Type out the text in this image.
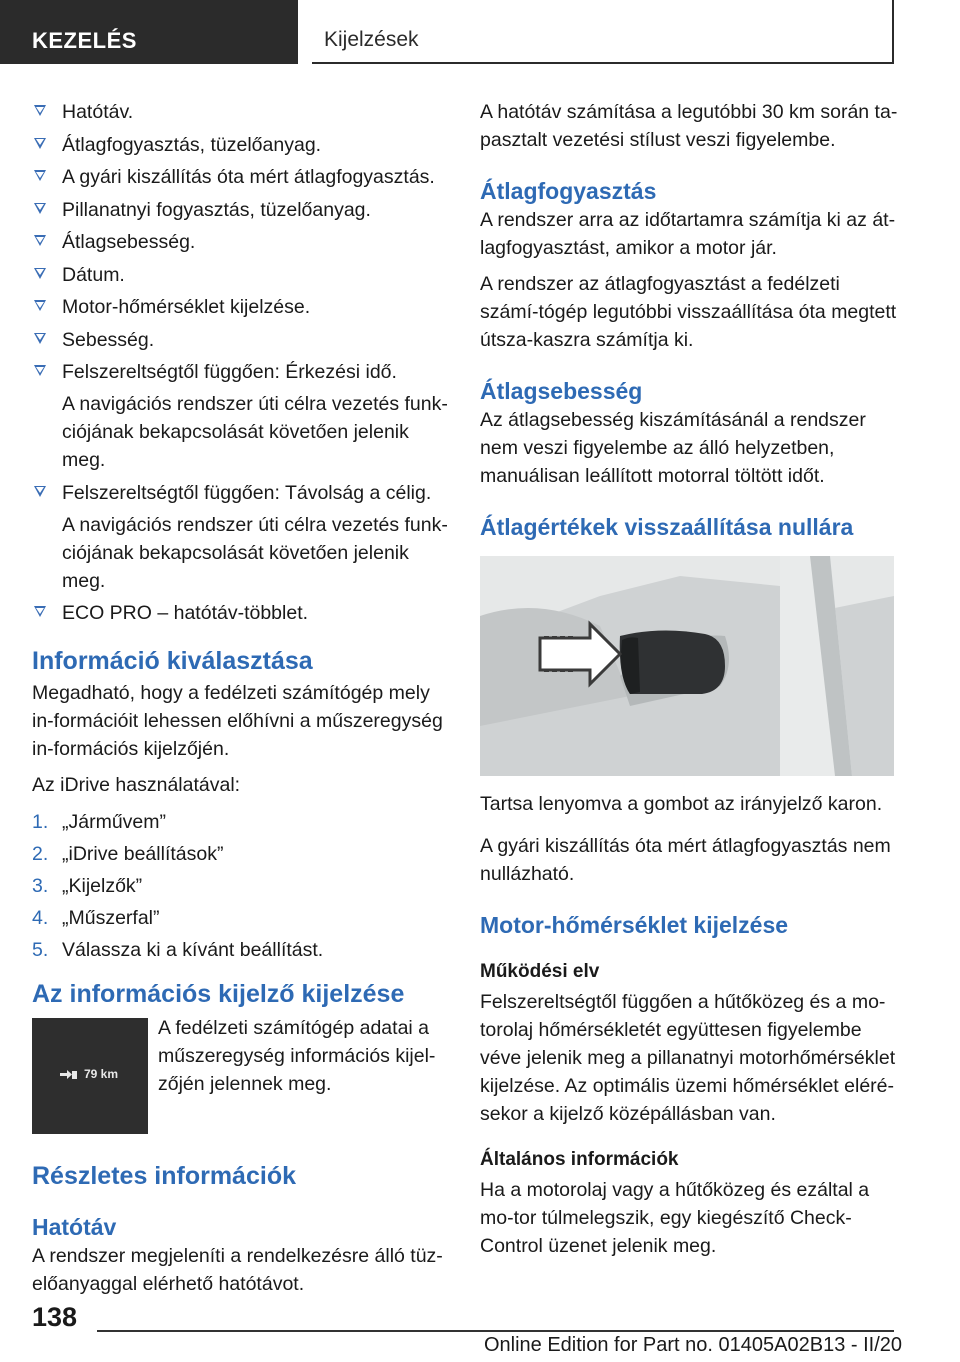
KEZELÉS	Kijelzések
Hatótáv.
Átlagfogyasztás, tüzelőanyag.
A gyári kiszállítás óta mért átlagfogyasztás.
Pillanatnyi fogyasztás, tüzelőanyag.
Átlagsebesség.
Dátum.
Motor-hőmérséklet kijelzése.
Sebesség.
Felszereltségtől függően: Érkezési idő.
A navigációs rendszer úti célra vezetés funk-ciójának bekapcsolását követően jelenik meg.
Felszereltségtől függően: Távolság a célig.
A navigációs rendszer úti célra vezetés funk-ciójának bekapcsolását követően jelenik meg.
ECO PRO – hatótáv-többlet.
Információ kiválasztása

Megadható, hogy a fedélzeti számítógép mely in-formációit lehessen előhívni a műszeregység in-formációs kijelzőjén.

Az iDrive használatával:

1. „Járművem”
2. „iDrive beállítások”
3. „Kijelzők”
4. „Műszerfal”
5. Válassza ki a kívánt beállítást.
Az információs kijelző kijelzése
79 km

A fedélzeti számítógép adatai a műszeregység információs kijel-zőjén jelennek meg.

Részletes információk
Hatótáv

A rendszer megjeleníti a rendelkezésre álló tüz-előanyaggal elérhető hatótávot.

A hatótáv számítása a legutóbbi 30 km során ta-pasztalt vezetési stílust veszi figyelembe.

Átlagfogyasztás

A rendszer arra az időtartamra számítja ki az át-lagfogyasztást, amikor a motor jár.

A rendszer az átlagfogyasztást a fedélzeti számí-tógép legutóbbi visszaállítása óta megtett útsza-kaszra számítja ki.

Átlagsebesség

Az átlagsebesség kiszámításánál a rendszer nem veszi figyelembe az álló helyzetben, manuálisan leállított motorral töltött időt.

Átlagértékek visszaállítása nullára

Tartsa lenyomva a gombot az irányjelző karon.

A gyári kiszállítás óta mért átlagfogyasztás nem nullázható.

Motor-hőmérséklet kijelzése
Működési elv

Felszereltségtől függően a hűtőközeg és a mo-torolaj hőmérsékletét együttesen figyelembe véve jelenik meg a pillanatnyi motorhőmérséklet kijelzése. Az optimális üzemi hőmérséklet eléré-sekor a kijelző középállásban van.

Általános információk

Ha a motorolaj vagy a hűtőközeg és ezáltal a mo-tor túlmelegszik, egy kiegészítő Check-Control üzenet jelenik meg.

138
Online Edition for Part no. 01405A02B13 - II/20
